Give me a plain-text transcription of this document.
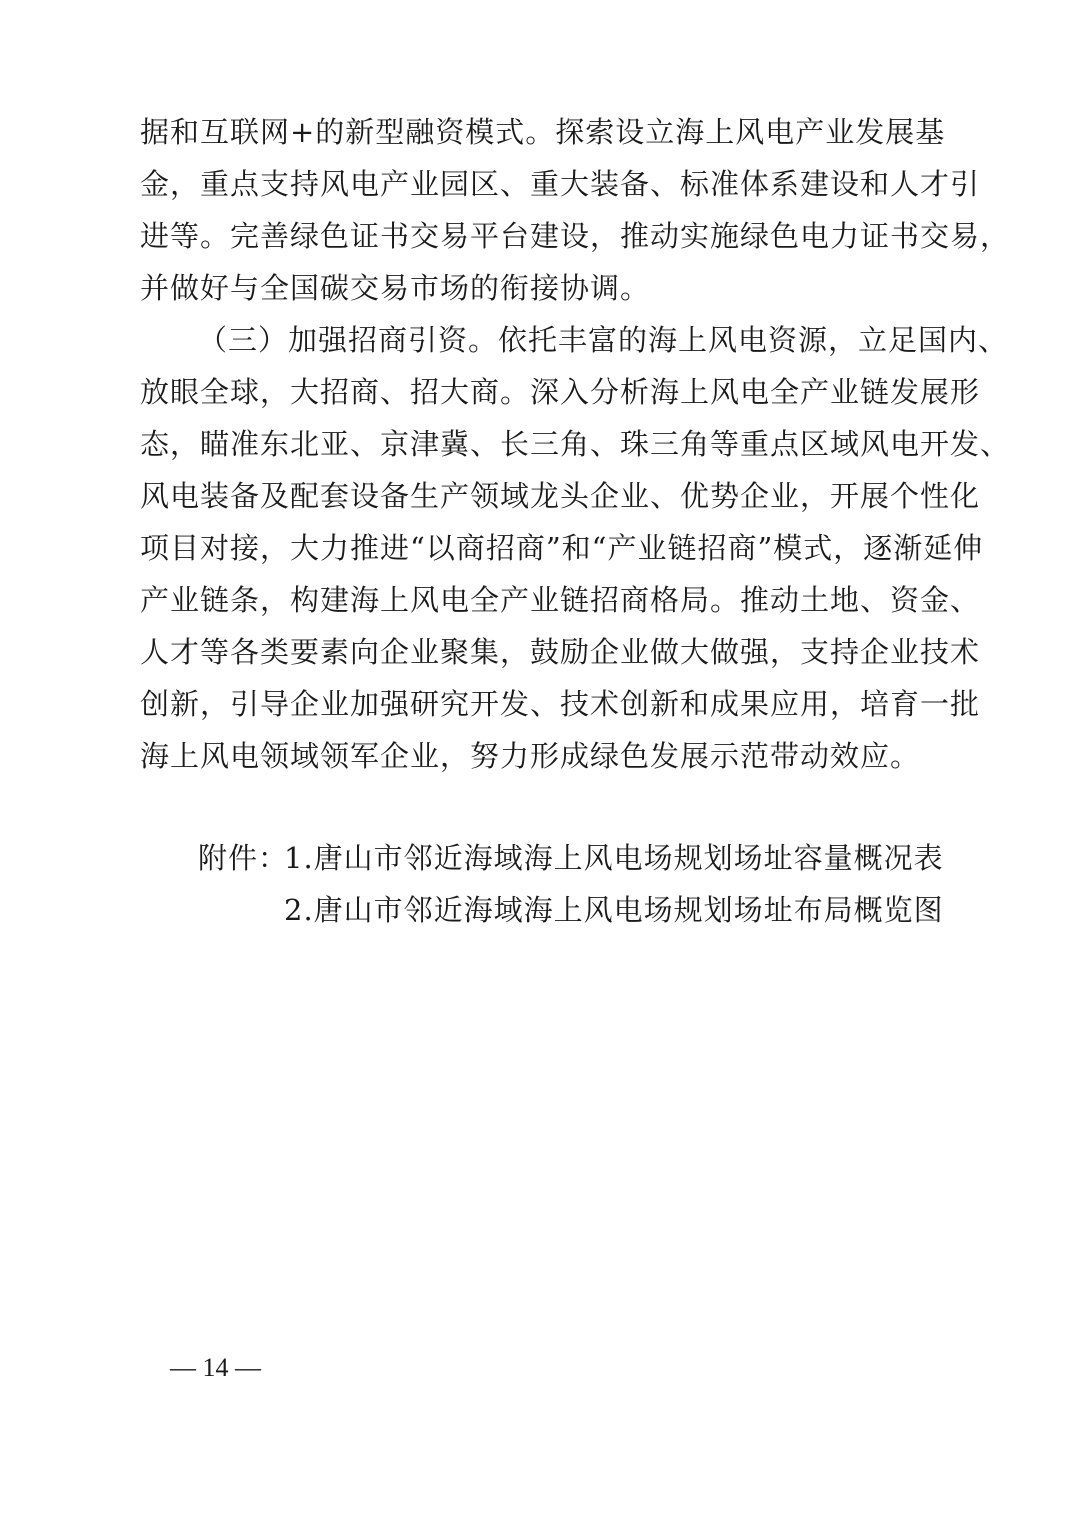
据和互联网+的新型融资模式。探索设立海上风电产业发展基
金，重点支持风电产业园区、重大装备、标准体系建设和人才引
进等。完善绿色证书交易平台建设，推动实施绿色电力证书交易，
并做好与全国碳交易市场的衔接协调。
（三）加强招商引资。依托丰富的海上风电资源，立足国内、
放眼全球，大招商、招大商。深入分析海上风电全产业链发展形
态，瞄准东北亚、京津冀、长三角、珠三角等重点区域风电开发、
风电装备及配套设备生产领域龙头企业、优势企业，开展个性化
项目对接，大力推进“以商招商”和“产业链招商”模式，逐渐延伸
产业链条，构建海上风电全产业链招商格局。推动土地、资金、
人才等各类要素向企业聚集，鼓励企业做大做强，支持企业技术
创新，引导企业加强研究开发、技术创新和成果应用，培育一批
海上风电领域领军企业，努力形成绿色发展示范带动效应。
附件：
1.唐山市邻近海域海上风电场规划场址容量概况表
2.唐山市邻近海域海上风电场规划场址布局概览图
— 14 —
